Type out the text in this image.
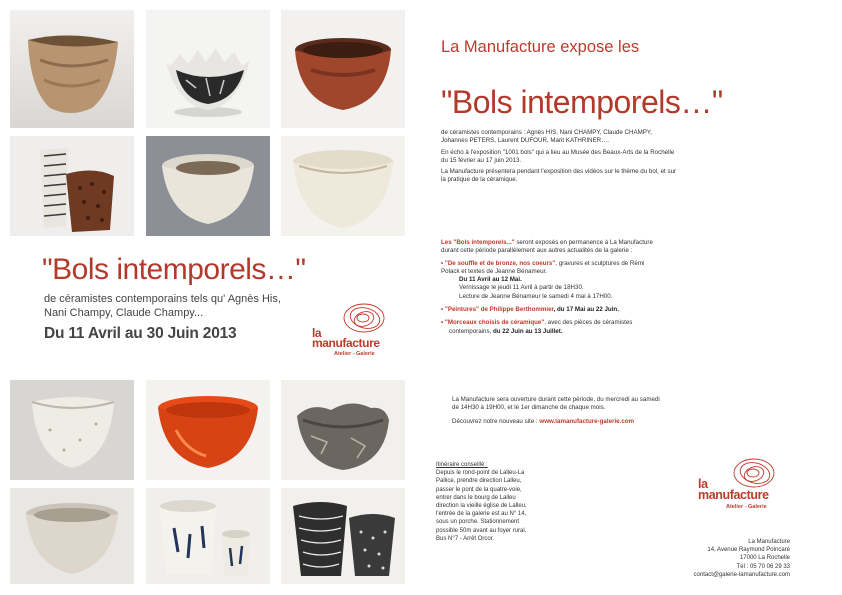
"Bols intemporels…"
de céramistes contemporains tels qu' Agnès His,
Nani Champy, Claude Champy...
Du 11 Avril au 30 Juin 2013	la
manufacture
Atelier - Galerie
La Manufacture expose les
"Bols intemporels…"
de céramistes contemporains : Agnès HIS, Nani CHAMPY, Claude CHAMPY,
Johannes PETERS, Laurent DUFOUR, Marit KATHRINER….
En écho à l'exposition "1001 bols" qui a lieu au Musée des Beaux-Arts de la Rochelle
du 15 février au 17 juin 2013.
La Manufacture présentera pendant l'exposition des vidéos sur le thème du bol, et sur
la pratique de la céramique.
Les "Bols intemporels..." seront exposés en permanence à La Manufacture
durant cette période parallèlement aux autres actualités de la galerie :
• "De souffle et de bronze, nos coeurs", gravures et sculptures de Rémi
Polack et textes de Jeanne Bénameur.
Du 11 Avril au 12 Mai.
Vernissage le jeudi 11 Avril à partir de 18H30.
Lecture de Jeanne Bénameur le samedi 4 mai à 17H00.
• "Peintures" de Philippe Berthommier, du 17 Mai au 22 Juin.
• "Morceaux choisis de céramique", avec des pièces de céramistes
contemporains, du 22 Juin au 13 Juillet.
La Manufacture sera ouverture durant cette période, du mercredi au samedi
de 14H30 à 19H00, et le 1er dimanche de chaque mois.
Découvrez notre nouveau site : www.lamanufacture-galerie.com
Itinéraire conseillé :
Depuis le rond-point de Lalleu-La
Pallice, prendre direction Lalleu,
passer le pont de la quatre-voie,
entrer dans le bourg de Lalleu
direction la vieille église de Lalleu,
l'entrée de la galerie est au N° 14,
sous un porche. Stationnement
possible 50m avant au foyer rural.
Bus N°7 - Arrêt Orcor.
la
manufacture
Atelier - Galerie
La Manufacture
14, Avenue Raymond Poincaré
17000 La Rochelle
Tél : 05 70 06 29 33
contact@galerie-lamanufacture.com
